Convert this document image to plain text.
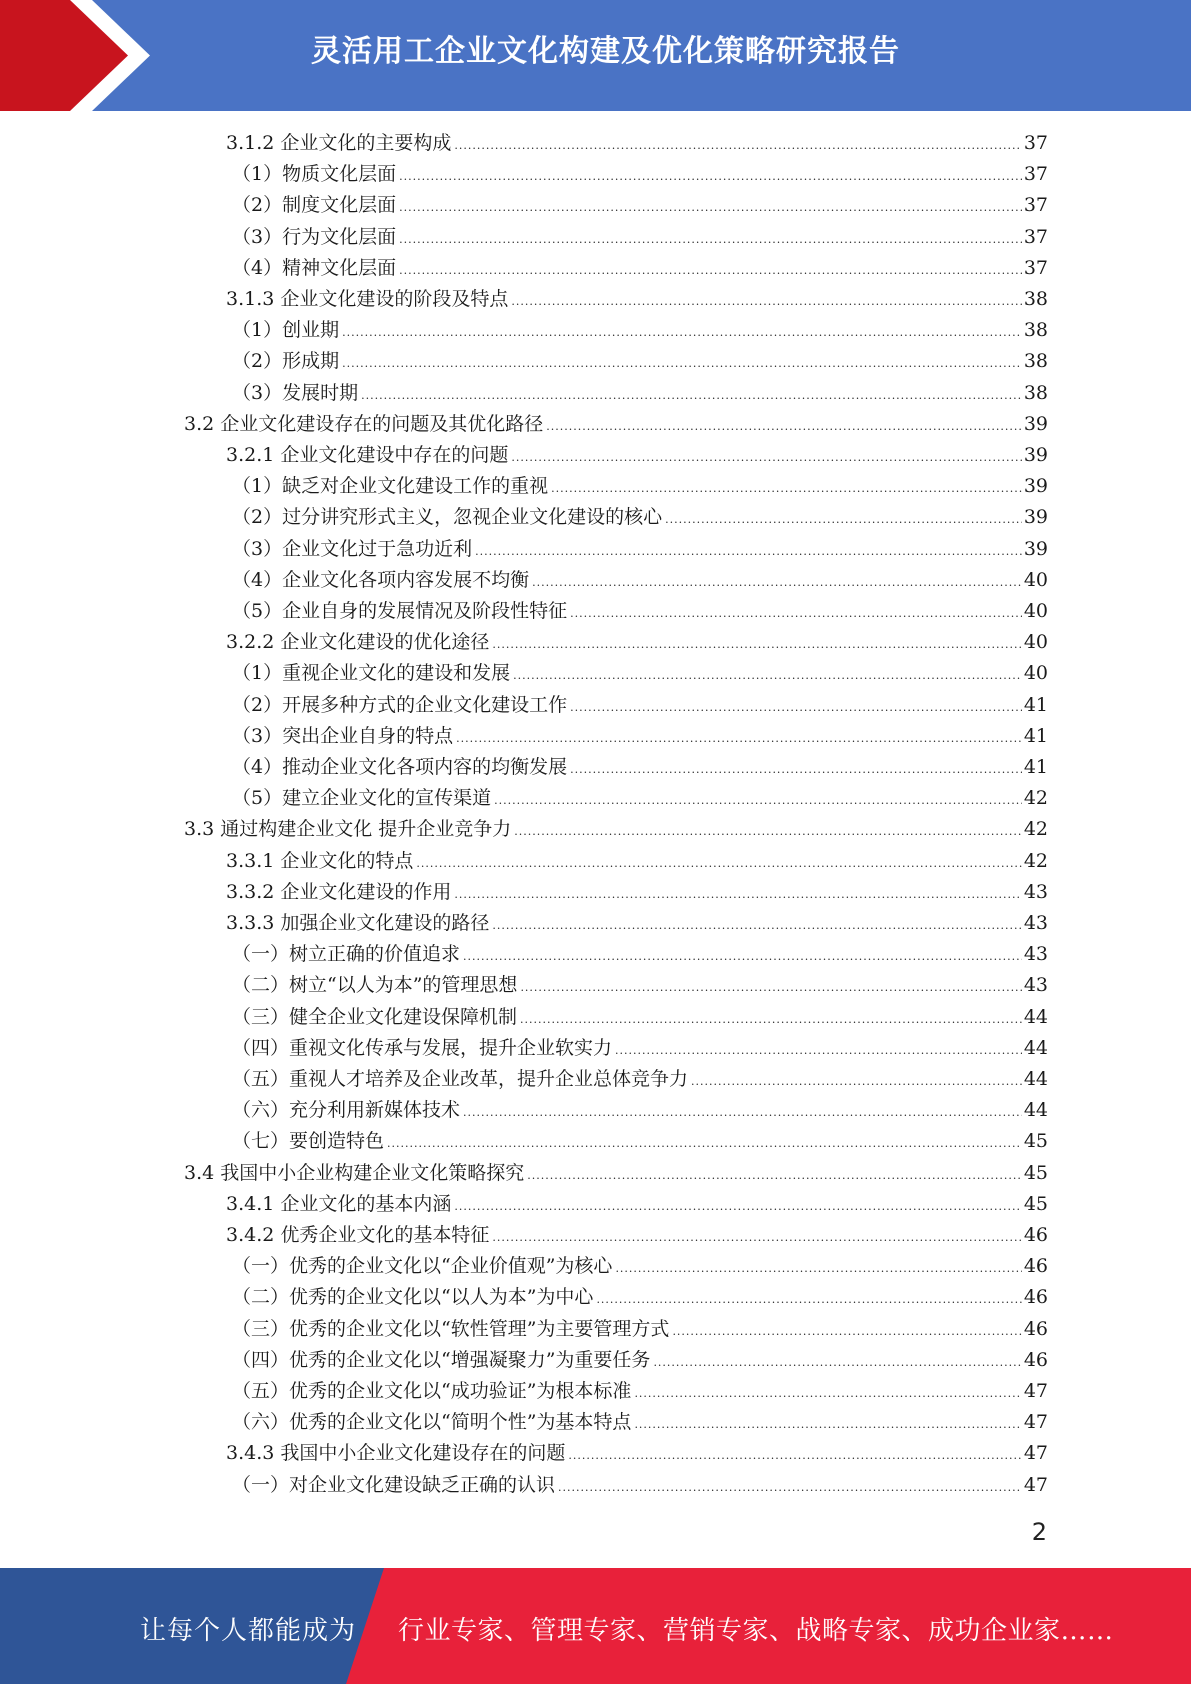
灵活用工企业文化构建及优化策略研究报告
3.1.2 企业文化的主要构成 .....	37
（1）物质文化层面 .....	37
（2）制度文化层面 .....	37
（3）行为文化层面 .....	37
（4）精神文化层面 .....	37
3.1.3 企业文化建设的阶段及特点 .....	38
（1）创业期 .....	38
（2）形成期 .....	38
（3）发展时期 .....	38
3.2 企业文化建设存在的问题及其优化路径 .....	39
3.2.1 企业文化建设中存在的问题 .....	39
（1）缺乏对企业文化建设工作的重视 .....	39
（2）过分讲究形式主义，忽视企业文化建设的核心 .....	39
（3）企业文化过于急功近利 .....	39
（4）企业文化各项内容发展不均衡 .....	40
（5）企业自身的发展情况及阶段性特征 .....	40
3.2.2 企业文化建设的优化途径 .....	40
（1）重视企业文化的建设和发展 .....	40
（2）开展多种方式的企业文化建设工作 .....	41
（3）突出企业自身的特点 .....	41
（4）推动企业文化各项内容的均衡发展 .....	41
（5）建立企业文化的宣传渠道 .....	42
3.3 通过构建企业文化 提升企业竞争力 .....	42
3.3.1 企业文化的特点 .....	42
3.3.2 企业文化建设的作用 .....	43
3.3.3 加强企业文化建设的路径 .....	43
（一）树立正确的价值追求 .....	43
（二）树立“以人为本”的管理思想 .....	43
（三）健全企业文化建设保障机制 .....	44
（四）重视文化传承与发展，提升企业软实力 .....	44
（五）重视人才培养及企业改革，提升企业总体竞争力 .....	44
（六）充分利用新媒体技术 .....	44
（七）要创造特色 .....	45
3.4 我国中小企业构建企业文化策略探究 .....	45
3.4.1 企业文化的基本内涵 .....	45
3.4.2 优秀企业文化的基本特征 .....	46
（一）优秀的企业文化以“企业价值观”为核心 .....	46
（二）优秀的企业文化以“以人为本”为中心 .....	46
（三）优秀的企业文化以“软性管理”为主要管理方式 .....	46
（四）优秀的企业文化以“增强凝聚力”为重要任务 .....	46
（五）优秀的企业文化以“成功验证”为根本标准 .....	47
（六）优秀的企业文化以“简明个性”为基本特点 .....	47
3.4.3 我国中小企业文化建设存在的问题 .....	47
（一）对企业文化建设缺乏正确的认识 .....	47
2
让每个人都能成为 行业专家、管理专家、营销专家、战略专家、成功企业家……
